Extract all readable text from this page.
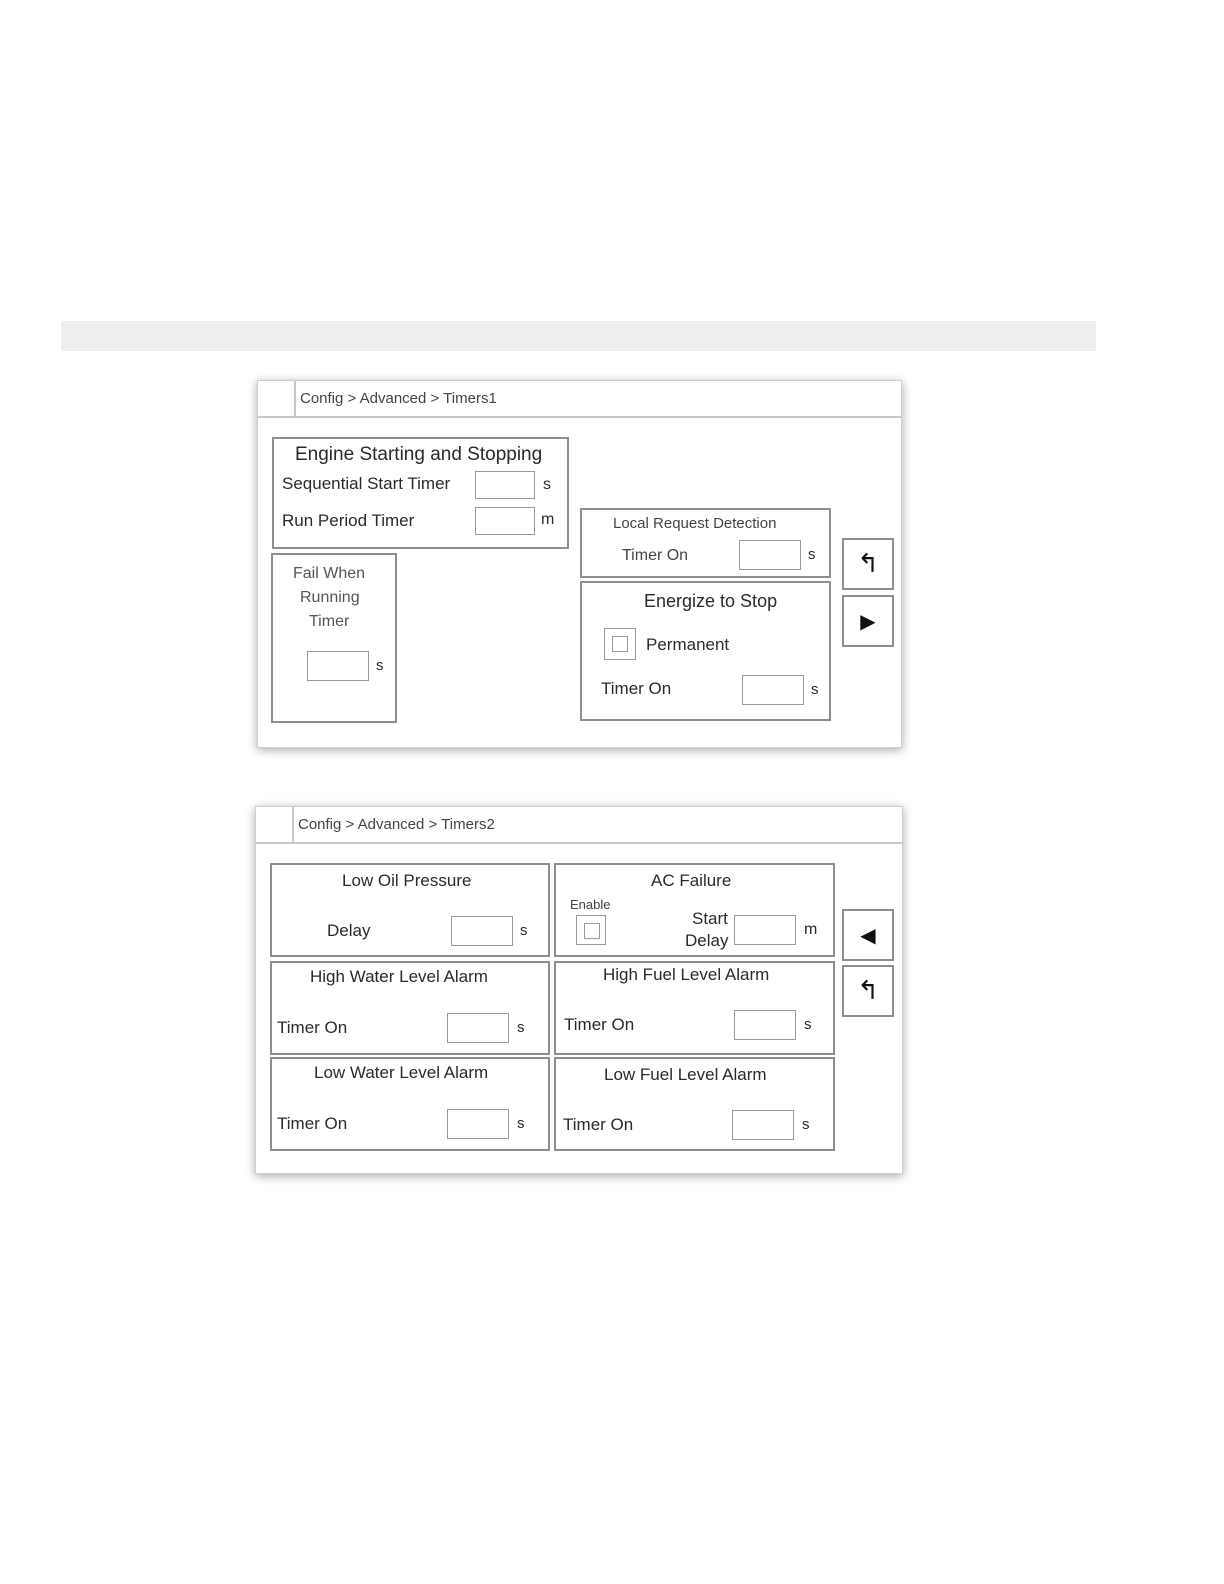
Config > Advanced > Timers1
Engine Starting and Stopping
Sequential Start Timer	s
Run Period Timer	m
Fail When
Running
Timer
s
Local Request Detection
Timer On	s
Energize to Stop
Permanent
Timer On	s
↰
▶
Config > Advanced > Timers2
Low Oil Pressure
Delay	s
AC Failure
Enable
Start
Delay
m
High Water Level Alarm
Timer On	s
High Fuel Level Alarm
Timer On	s
Low Water Level Alarm
Timer On	s
Low Fuel Level Alarm
Timer On	s
◀
↰
